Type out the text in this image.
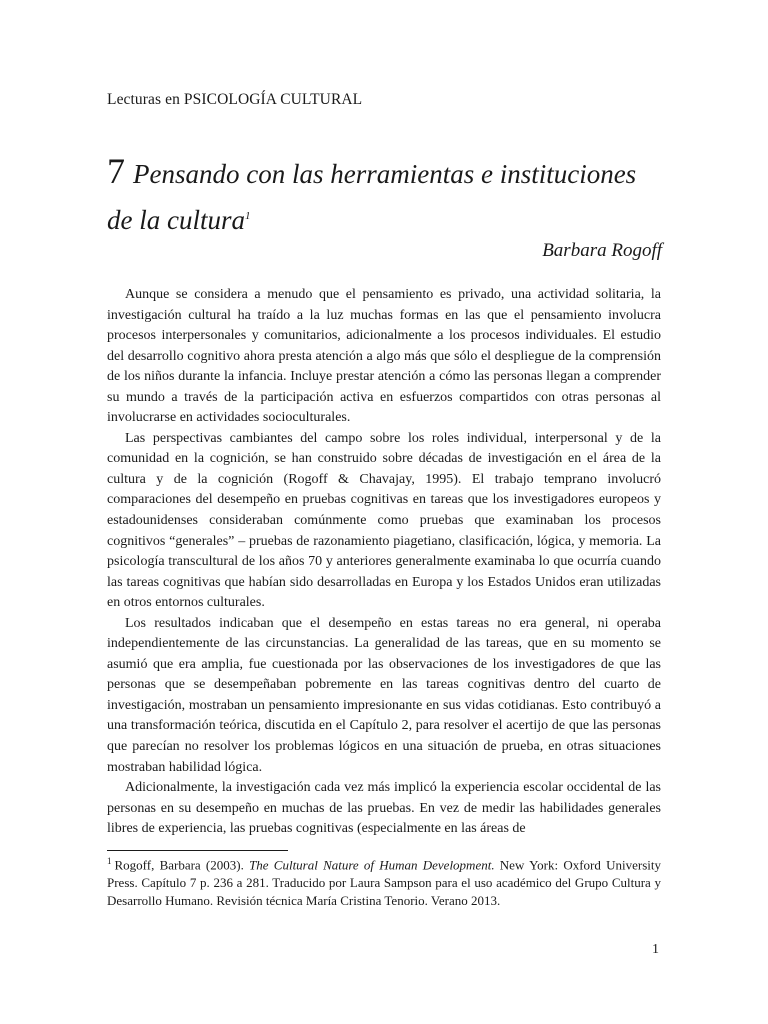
Lecturas en PSICOLOGÍA CULTURAL
7 Pensando con las herramientas e instituciones
de la cultura$^1$
Barbara Rogoff

Aunque se considera a menudo que el pensamiento es privado, una actividad solitaria, la investigación cultural ha traído a la luz muchas formas en las que el pensamiento involucra procesos interpersonales y comunitarios, adicionalmente a los procesos individuales. El estudio del desarrollo cognitivo ahora presta atención a algo más que sólo el despliegue de la comprensión de los niños durante la infancia. Incluye prestar atención a cómo las personas llegan a comprender su mundo a través de la participación activa en esfuerzos compartidos con otras personas al involucrarse en actividades socioculturales.

Las perspectivas cambiantes del campo sobre los roles individual, interpersonal y de la comunidad en la cognición, se han construido sobre décadas de investigación en el área de la cultura y de la cognición (Rogoff & Chavajay, 1995). El trabajo temprano involucró comparaciones del desempeño en pruebas cognitivas en tareas que los investigadores europeos y estadounidenses consideraban comúnmente como pruebas que examinaban los procesos cognitivos “generales” – pruebas de razonamiento piagetiano, clasificación, lógica, y memoria. La psicología transcultural de los años 70 y anteriores generalmente examinaba lo que ocurría cuando las tareas cognitivas que habían sido desarrolladas en Europa y los Estados Unidos eran utilizadas en otros entornos culturales.

Los resultados indicaban que el desempeño en estas tareas no era general, ni operaba independientemente de las circunstancias. La generalidad de las tareas, que en su momento se asumió que era amplia, fue cuestionada por las observaciones de los investigadores de que las personas que se desempeñaban pobremente en las tareas cognitivas dentro del cuarto de investigación, mostraban un pensamiento impresionante en sus vidas cotidianas. Esto contribuyó a una transformación teórica, discutida en el Capítulo 2, para resolver el acertijo de que las personas que parecían no resolver los problemas lógicos en una situación de prueba, en otras situaciones mostraban habilidad lógica.

Adicionalmente, la investigación cada vez más implicó la experiencia escolar occidental de las personas en su desempeño en muchas de las pruebas. En vez de medir las habilidades generales libres de experiencia, las pruebas cognitivas (especialmente en las áreas de

$^1$ Rogoff, Barbara (2003). The Cultural Nature of Human Development. New York: Oxford University Press. Capítulo 7 p. 236 a 281. Traducido por Laura Sampson para el uso académico del Grupo Cultura y Desarrollo Humano. Revisión técnica María Cristina Tenorio. Verano 2013.
1
